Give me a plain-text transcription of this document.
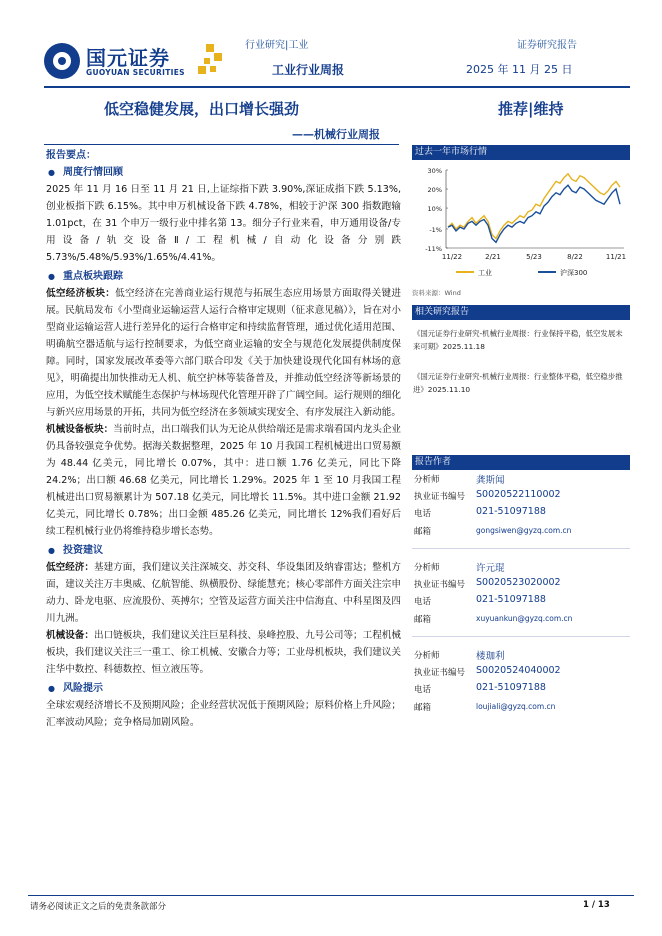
国元证券
GUOYUAN SECURITIES
行业研究|工业	证券研究报告
工业行业周报	2025 年 11 月 25 日
低空稳健发展，出口增长强劲
——机械行业周报
推荐|维持
报告要点：
● 周度行情回顾
2025 年 11 月 16 日至 11 月 21 日,上证综指下跌 3.90%,深证成指下跌 5.13%,创业板指下跌 6.15%。其中申万机械设备下跌 4.78%，相较于沪深 300 指数跑输 1.01pct，在 31 个申万一级行业中排名第 13。细分子行业来看，申万通用设备/专用设备/轨交设备Ⅱ/工程机械/自动化设备分别跌 5.73%/5.48%/5.93%/1.65%/4.41%。
● 重点板块跟踪
低空经济板块：低空经济在完善商业运行规范与拓展生态应用场景方面取得关键进展。民航局发布《小型商业运输运营人运行合格审定规则（征求意见稿）》，旨在对小型商业运输运营人进行差异化的运行合格审定和持续监督管理，通过优化适用范围、明确航空器适航与运行控制要求，为低空商业运输的安全与规范化发展提供制度保障。同时，国家发展改革委等六部门联合印发《关于加快建设现代化国有林场的意见》，明确提出加快推动无人机、航空护林等装备普及，并推动低空经济等新场景的应用，为低空技术赋能生态保护与林场现代化管理开辟了广阔空间。运行规则的细化与新兴应用场景的开拓，共同为低空经济在多领域实现安全、有序发展注入新动能。
机械设备板块：当前时点，出口端我们认为无论从供给端还是需求端看国内龙头企业仍具备较强竞争优势。据海关数据整理，2025 年 10 月我国工程机械进出口贸易额为 48.44 亿美元，同比增长 0.07%，其中：进口额 1.76 亿美元，同比下降 24.2%；出口额 46.68 亿美元，同比增长 1.29%。2025 年 1 至 10 月我国工程机械进出口贸易额累计为 507.18 亿美元，同比增长 11.5%。其中进口金额 21.92 亿美元，同比增长 0.78%；出口金额 485.26 亿美元，同比增长 12%我们看好后续工程机械行业仍将维持稳步增长态势。
● 投资建议
低空经济：基建方面，我们建议关注深城交、苏交科、华设集团及纳睿雷达；整机方面，建议关注万丰奥威、亿航智能、纵横股份、绿能慧充；核心零部件方面关注宗申动力、卧龙电驱、应流股份、英搏尔；空管及运营方面关注中信海直、中科星图及四川九洲。
机械设备：出口链板块，我们建议关注巨星科技、泉峰控股、九号公司等；工程机械板块，我们建议关注三一重工、徐工机械、安徽合力等；工业母机板块，我们建议关注华中数控、科德数控、恒立液压等。
● 风险提示
全球宏观经济增长不及预期风险；企业经营状况低于预期风险；原料价格上升风险；汇率波动风险；竞争格局加剧风险。
过去一年市场行情
30%
20%
10%
-1%
-11%
11/22	2/21	5/23	8/22	11/21
工业	沪深300
资料来源：Wind
相关研究报告
《国元证券行业研究-机械行业周报：行业保持平稳，低空发展未来可期》2025.11.18
《国元证券行业研究-机械行业周报：行业整体平稳，低空稳步推进》2025.11.10
报告作者
分析师	龚斯闻
执业证书编号 S0020522110002
电话	021-51097188
邮箱	gongsiwen@gyzq.com.cn
分析师	许元琨
执业证书编号 S0020523020002
电话	021-51097188
邮箱	xuyuankun@gyzq.com.cn
分析师	楼珈利
执业证书编号 S0020524040002
电话	021-51097188
邮箱	loujiali@gyzq.com.cn
请务必阅读正文之后的免责条款部分	1 / 13
